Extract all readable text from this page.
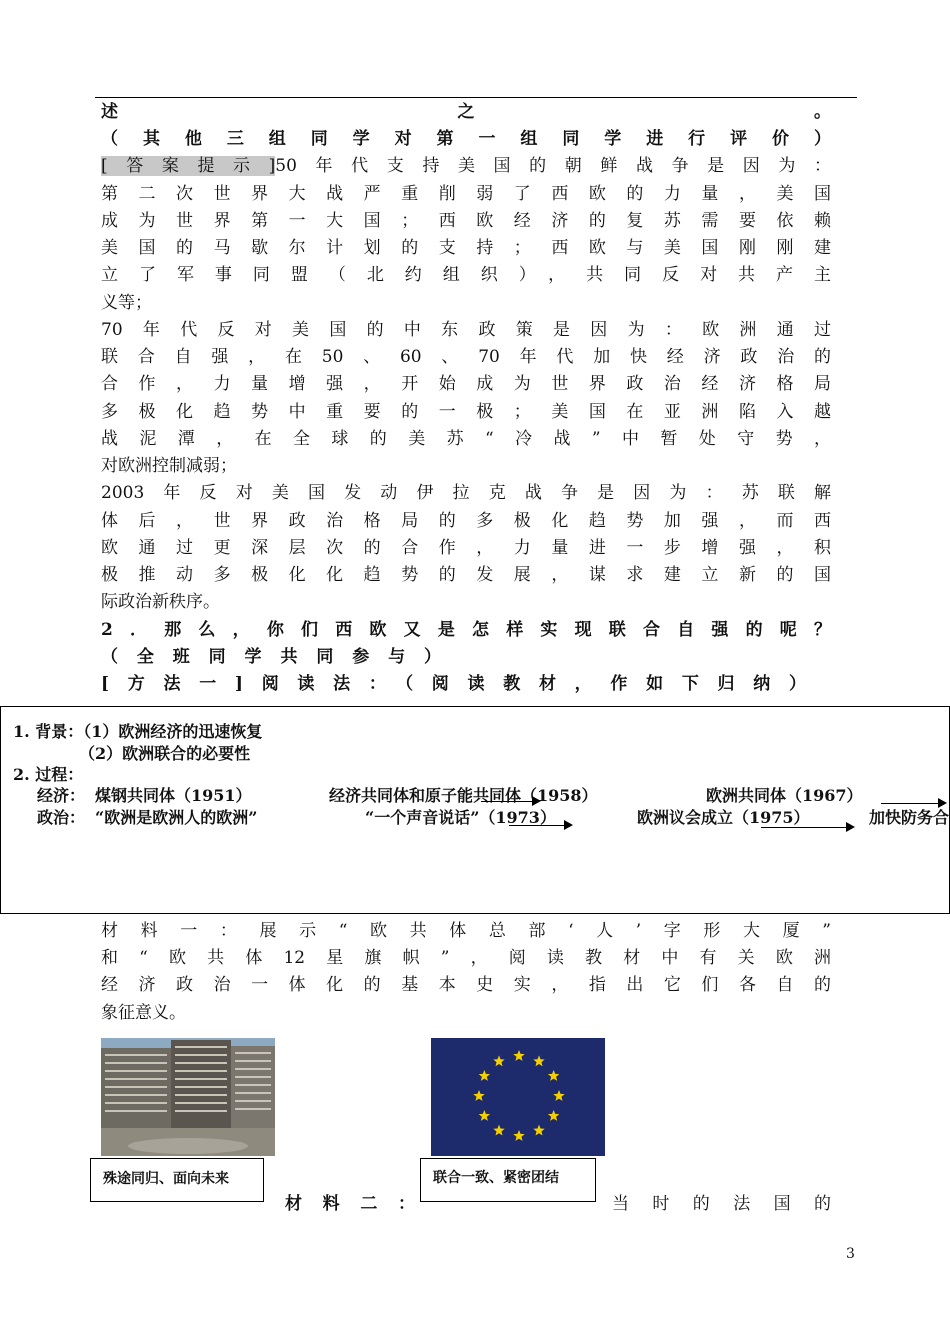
述之。
（其他三组同学对第一组同学进行评价）
[答案提示]50年代支持美国的朝鲜战争是因为：
第二次世界大战严重削弱了西欧的力量，美国
成为世界第一大国；西欧经济的复苏需要依赖
美国的马歇尔计划的支持；西欧与美国刚刚建
立了军事同盟（北约组织），共同反对共产主
义等；
70年代反对美国的中东政策是因为：欧洲通过
联合自强，在50、60、70年代加快经济政治的
合作，力量增强，开始成为世界政治经济格局
多极化趋势中重要的一极；美国在亚洲陷入越
战泥潭，在全球的美苏“冷战”中暂处守势，
对欧洲控制减弱；
2003年反对美国发动伊拉克战争是因为：苏联解
体后，世界政治格局的多极化趋势加强，而西
欧通过更深层次的合作，力量进一步增强，积
极推动多极化化趋势的发展，谋求建立新的国
际政治新秩序。
2．那么，你们西欧又是怎样实现联合自强的呢？
（全班同学共同参与）
[方法一]阅读法：（阅读教材，作如下归纳）
1. 背景：（1）欧洲经济的迅速恢复
（2）欧洲联合的必要性
2. 过程：
经济： 煤钢共同体（1951）	经济共同体和原子能共同体（1958）	欧洲共同体（1967）
政治： “欧洲是欧洲人的欧洲”	“一个声音说话”（1973）	欧洲议会成立（1975）	加快防务合
材料一：展示“欧共体总部‘人’字形大厦”
和“欧共体12星旗帜”，阅读教材中有关欧洲
经济政治一体化的基本史实，指出它们各自的
象征意义。
殊途同归、面向未来	联合一致、紧密团结
材料二：	当时的法国的
3
